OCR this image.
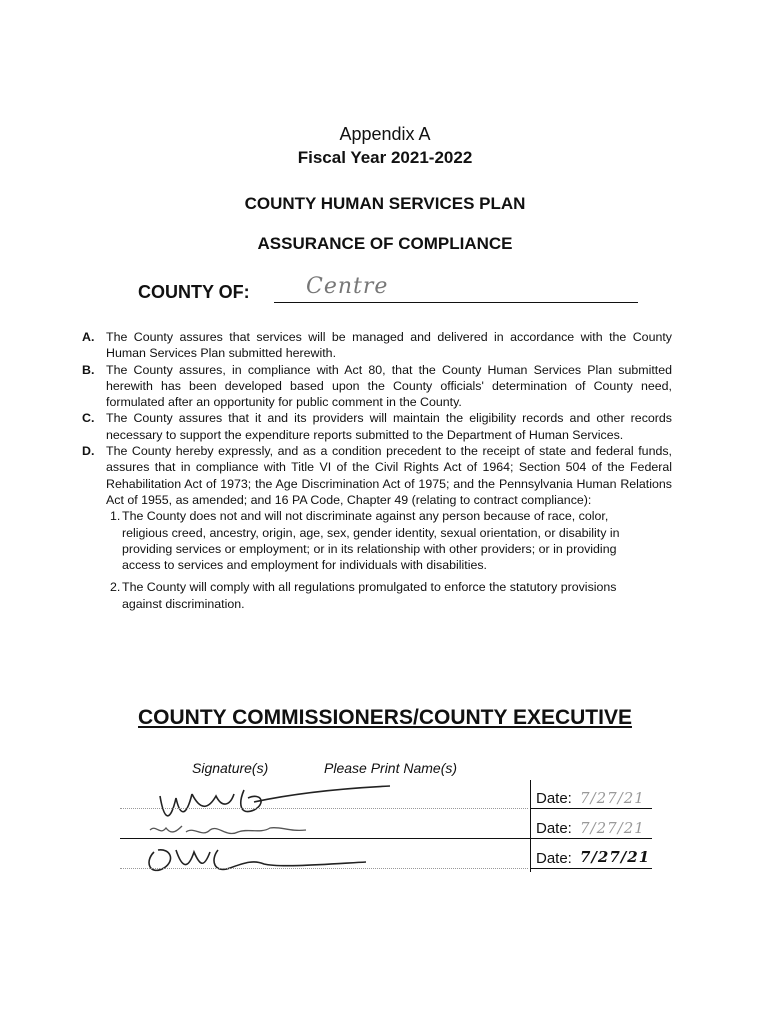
Appendix A
Fiscal Year 2021-2022
COUNTY HUMAN SERVICES PLAN
ASSURANCE OF COMPLIANCE
COUNTY OF:	Centre
A. The County assures that services will be managed and delivered in accordance with the County Human Services Plan submitted herewith.
B. The County assures, in compliance with Act 80, that the County Human Services Plan submitted herewith has been developed based upon the County officials' determination of County need, formulated after an opportunity for public comment in the County.
C. The County assures that it and its providers will maintain the eligibility records and other records necessary to support the expenditure reports submitted to the Department of Human Services.
D. The County hereby expressly, and as a condition precedent to the receipt of state and federal funds, assures that in compliance with Title VI of the Civil Rights Act of 1964; Section 504 of the Federal Rehabilitation Act of 1973; the Age Discrimination Act of 1975; and the Pennsylvania Human Relations Act of 1955, as amended; and 16 PA Code, Chapter 49 (relating to contract compliance):
1. The County does not and will not discriminate against any person because of race, color, religious creed, ancestry, origin, age, sex, gender identity, sexual orientation, or disability in providing services or employment; or in its relationship with other providers; or in providing access to services and employment for individuals with disabilities.
2. The County will comply with all regulations promulgated to enforce the statutory provisions against discrimination.
COUNTY COMMISSIONERS/COUNTY EXECUTIVE
Signature(s)	Please Print Name(s)
Date: 7/27/21
Date: 7/27/21
Date: 7/27/21
